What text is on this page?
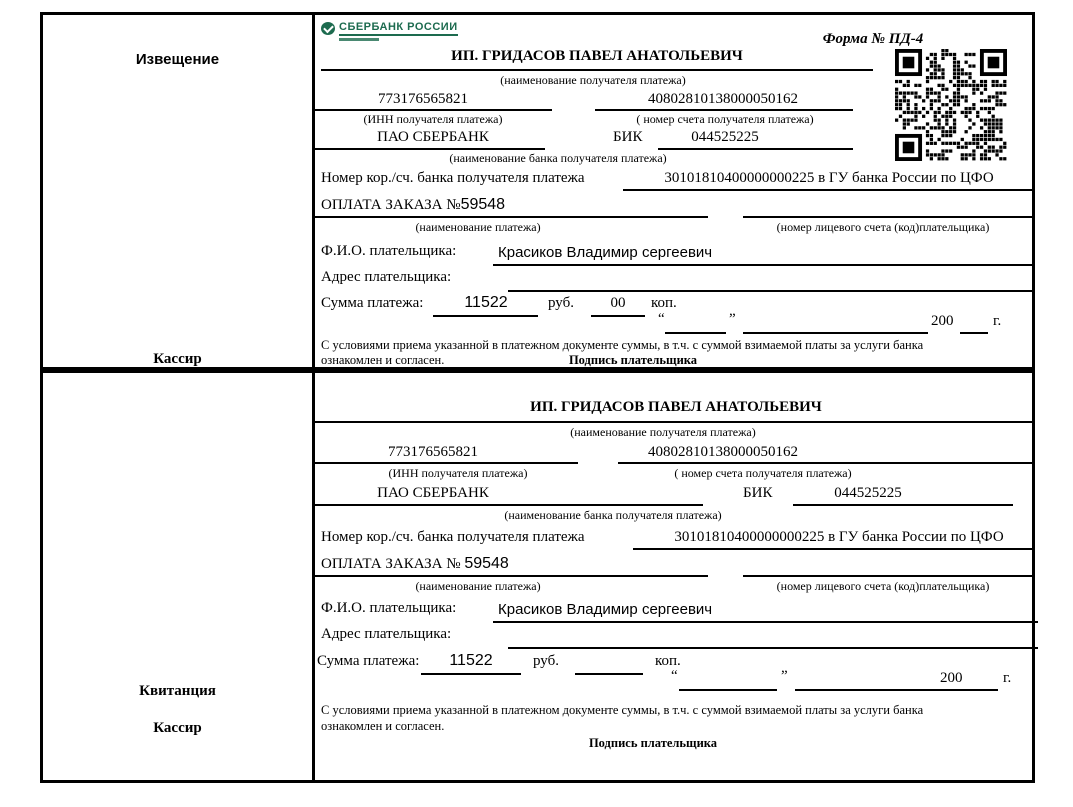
Извещение
Кассир
СБЕРБАНК РОССИИ
Форма № ПД-4
ИП. ГРИДАСОВ ПАВЕЛ АНАТОЛЬЕВИЧ
(наименование получателя платежа)
773176565821	40802810138000050162
(ИНН получателя платежа)	( номер счета получателя платежа)
ПАО СБЕРБАНК	БИК	044525225
(наименование банка получателя платежа)
Номер кор./сч. банка получателя платежа	30101810400000000225 в ГУ банка России по ЦФО
ОПЛАТА ЗАКАЗА №59548
(наименование платежа)	(номер лицевого счета (код)плательщика)
Ф.И.О. плательщика:	Красиков Владимир сергеевич
Адрес плательщика:
Сумма платежа:	11522	руб. 00 коп.
“	”	200	г.
С условиями приема указанной в платежном документе суммы, в т.ч. с суммой взимаемой платы за услуги банка
ознакомлен и согласен.	Подпись плательщика
Квитанция
Кассир
ИП. ГРИДАСОВ ПАВЕЛ АНАТОЛЬЕВИЧ
(наименование получателя платежа)
773176565821	40802810138000050162
(ИНН получателя платежа)	( номер счета получателя платежа)
ПАО СБЕРБАНК	БИК	044525225
(наименование банка получателя платежа)
Номер кор./сч. банка получателя платежа	30101810400000000225 в ГУ банка России по ЦФО
ОПЛАТА ЗАКАЗА № 59548
(наименование платежа)	(номер лицевого счета (код)плательщика)
Ф.И.О. плательщика:	Красиков Владимир сергеевич
Адрес плательщика:
Сумма платежа: 11522	руб.	коп.
“	”	200	г.
С условиями приема указанной в платежном документе суммы, в т.ч. с суммой взимаемой платы за услуги банка
ознакомлен и согласен.
Подпись плательщика
